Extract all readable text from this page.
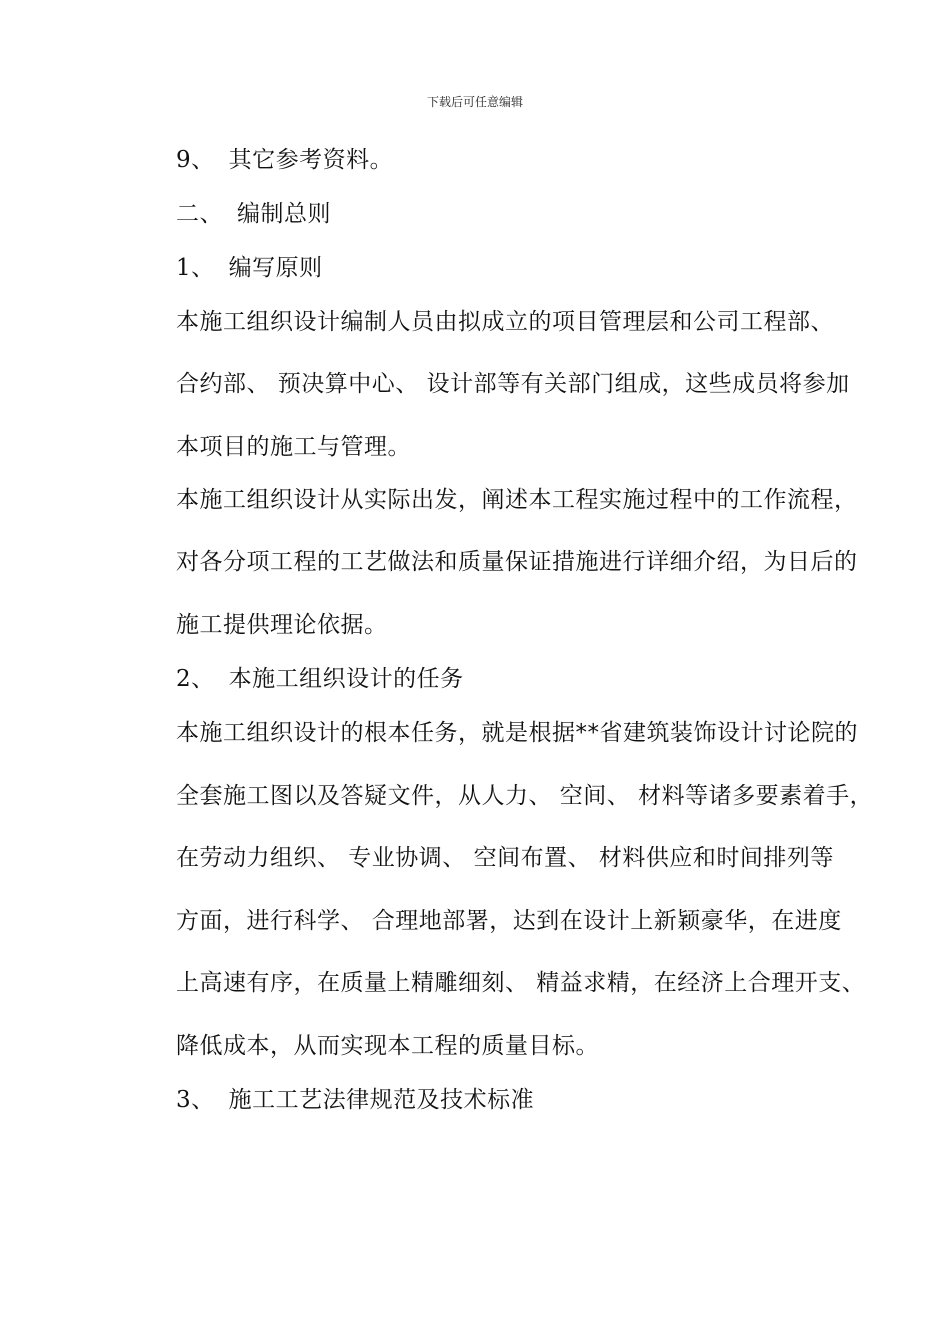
下载后可任意编辑
9、 其它参考资料。
二、 编制总则
1、 编写原则
本施工组织设计编制人员由拟成立的项目管理层和公司工程部、
合约部、 预决算中心、 设计部等有关部门组成，这些成员将参加
本项目的施工与管理。
本施工组织设计从实际出发，阐述本工程实施过程中的工作流程，
对各分项工程的工艺做法和质量保证措施进行详细介绍，为日后的
施工提供理论依据。
2、 本施工组织设计的任务
本施工组织设计的根本任务，就是根据**省建筑装饰设计讨论院的
全套施工图以及答疑文件，从人力、 空间、 材料等诸多要素着手，
在劳动力组织、 专业协调、 空间布置、 材料供应和时间排列等
方面，进行科学、 合理地部署，达到在设计上新颖豪华，在进度
上高速有序，在质量上精雕细刻、 精益求精，在经济上合理开支、
降低成本，从而实现本工程的质量目标。
3、 施工工艺法律规范及技术标准
